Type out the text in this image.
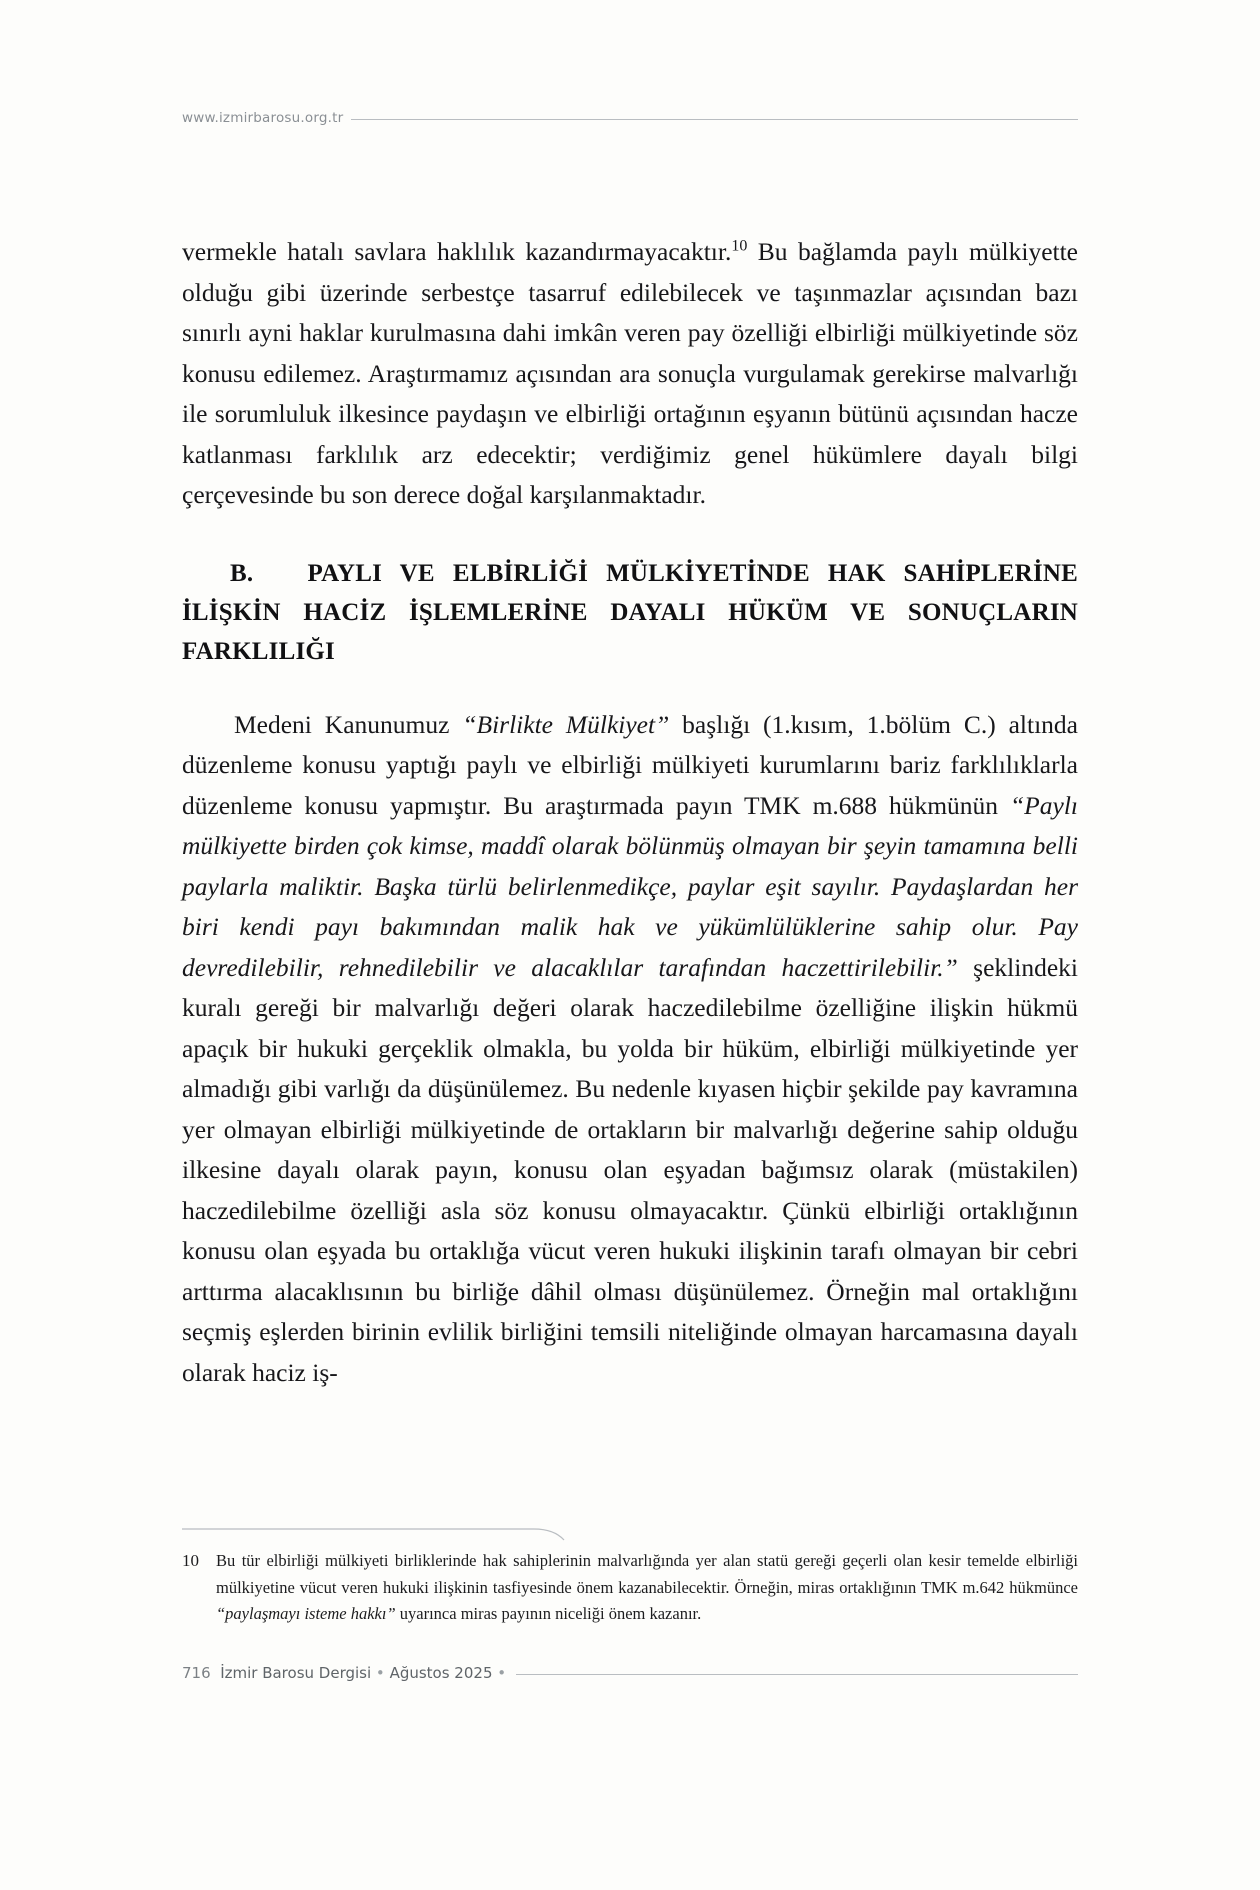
www.izmirbarosu.org.tr

vermekle hatalı savlara haklılık kazandırmayacaktır.$^{10}$ Bu bağlamda paylı mülkiyette olduğu gibi üzerinde serbestçe tasarruf edilebilecek ve taşınmazlar açısından bazı sınırlı ayni haklar kurulmasına dahi imkân veren pay özelliği elbirliği mülkiyetinde söz konusu edilemez. Araştırmamız açısından ara sonuçla vurgulamak gerekirse malvarlığı ile sorumluluk ilkesince paydaşın ve elbirliği ortağının eşyanın bütünü açısından hacze katlanması farklılık arz edecektir; verdiğimiz genel hükümlere dayalı bilgi çerçevesinde bu son derece doğal karşılanmaktadır.

B. PAYLI VE ELBİRLİĞİ MÜLKİYETİNDE HAK SAHİPLERİNE İLİŞKİN HACİZ İŞLEMLERİNE DAYALI HÜKÜM VE SONUÇLARIN FARKLILIĞI

Medeni Kanunumuz “Birlikte Mülkiyet” başlığı (1.kısım, 1.bölüm C.) altında düzenleme konusu yaptığı paylı ve elbirliği mülkiyeti kurumlarını bariz farklılıklarla düzenleme konusu yapmıştır. Bu araştırmada payın TMK m.688 hükmünün “Paylı mülkiyette birden çok kimse, maddî olarak bölünmüş olmayan bir şeyin tamamına belli paylarla maliktir. Başka türlü belirlenmedikçe, paylar eşit sayılır. Paydaşlardan her biri kendi payı bakımından malik hak ve yükümlülüklerine sahip olur. Pay devredilebilir, rehnedilebilir ve alacaklılar tarafından haczettirilebilir.” şeklindeki kuralı gereği bir malvarlığı değeri olarak haczedilebilme özelliğine ilişkin hükmü apaçık bir hukuki gerçeklik olmakla, bu yolda bir hüküm, elbirliği mülkiyetinde yer almadığı gibi varlığı da düşünülemez. Bu nedenle kıyasen hiçbir şekilde pay kavramına yer olmayan elbirliği mülkiyetinde de ortakların bir malvarlığı değerine sahip olduğu ilkesine dayalı olarak payın, konusu olan eşyadan bağımsız olarak (müstakilen) haczedilebilme özelliği asla söz konusu olmayacaktır. Çünkü elbirliği ortaklığının konusu olan eşyada bu ortaklığa vücut veren hukuki ilişkinin tarafı olmayan bir cebri arttırma alacaklısının bu birliğe dâhil olması düşünülemez. Örneğin mal ortaklığını seçmiş eşlerden birinin evlilik birliğini temsili niteliğinde olmayan harcamasına dayalı olarak haciz iş-

10	Bu tür elbirliği mülkiyeti birliklerinde hak sahiplerinin malvarlığında yer alan statü gereği geçerli olan kesir temelde elbirliği mülkiyetine vücut veren hukuki ilişkinin tasfiyesinde önem kazanabilecektir. Örneğin, miras ortaklığının TMK m.642 hükmünce “paylaşmayı isteme hakkı” uyarınca miras payının niceliği önem kazanır.
716 İzmir Barosu Dergisi • Ağustos 2025 •
